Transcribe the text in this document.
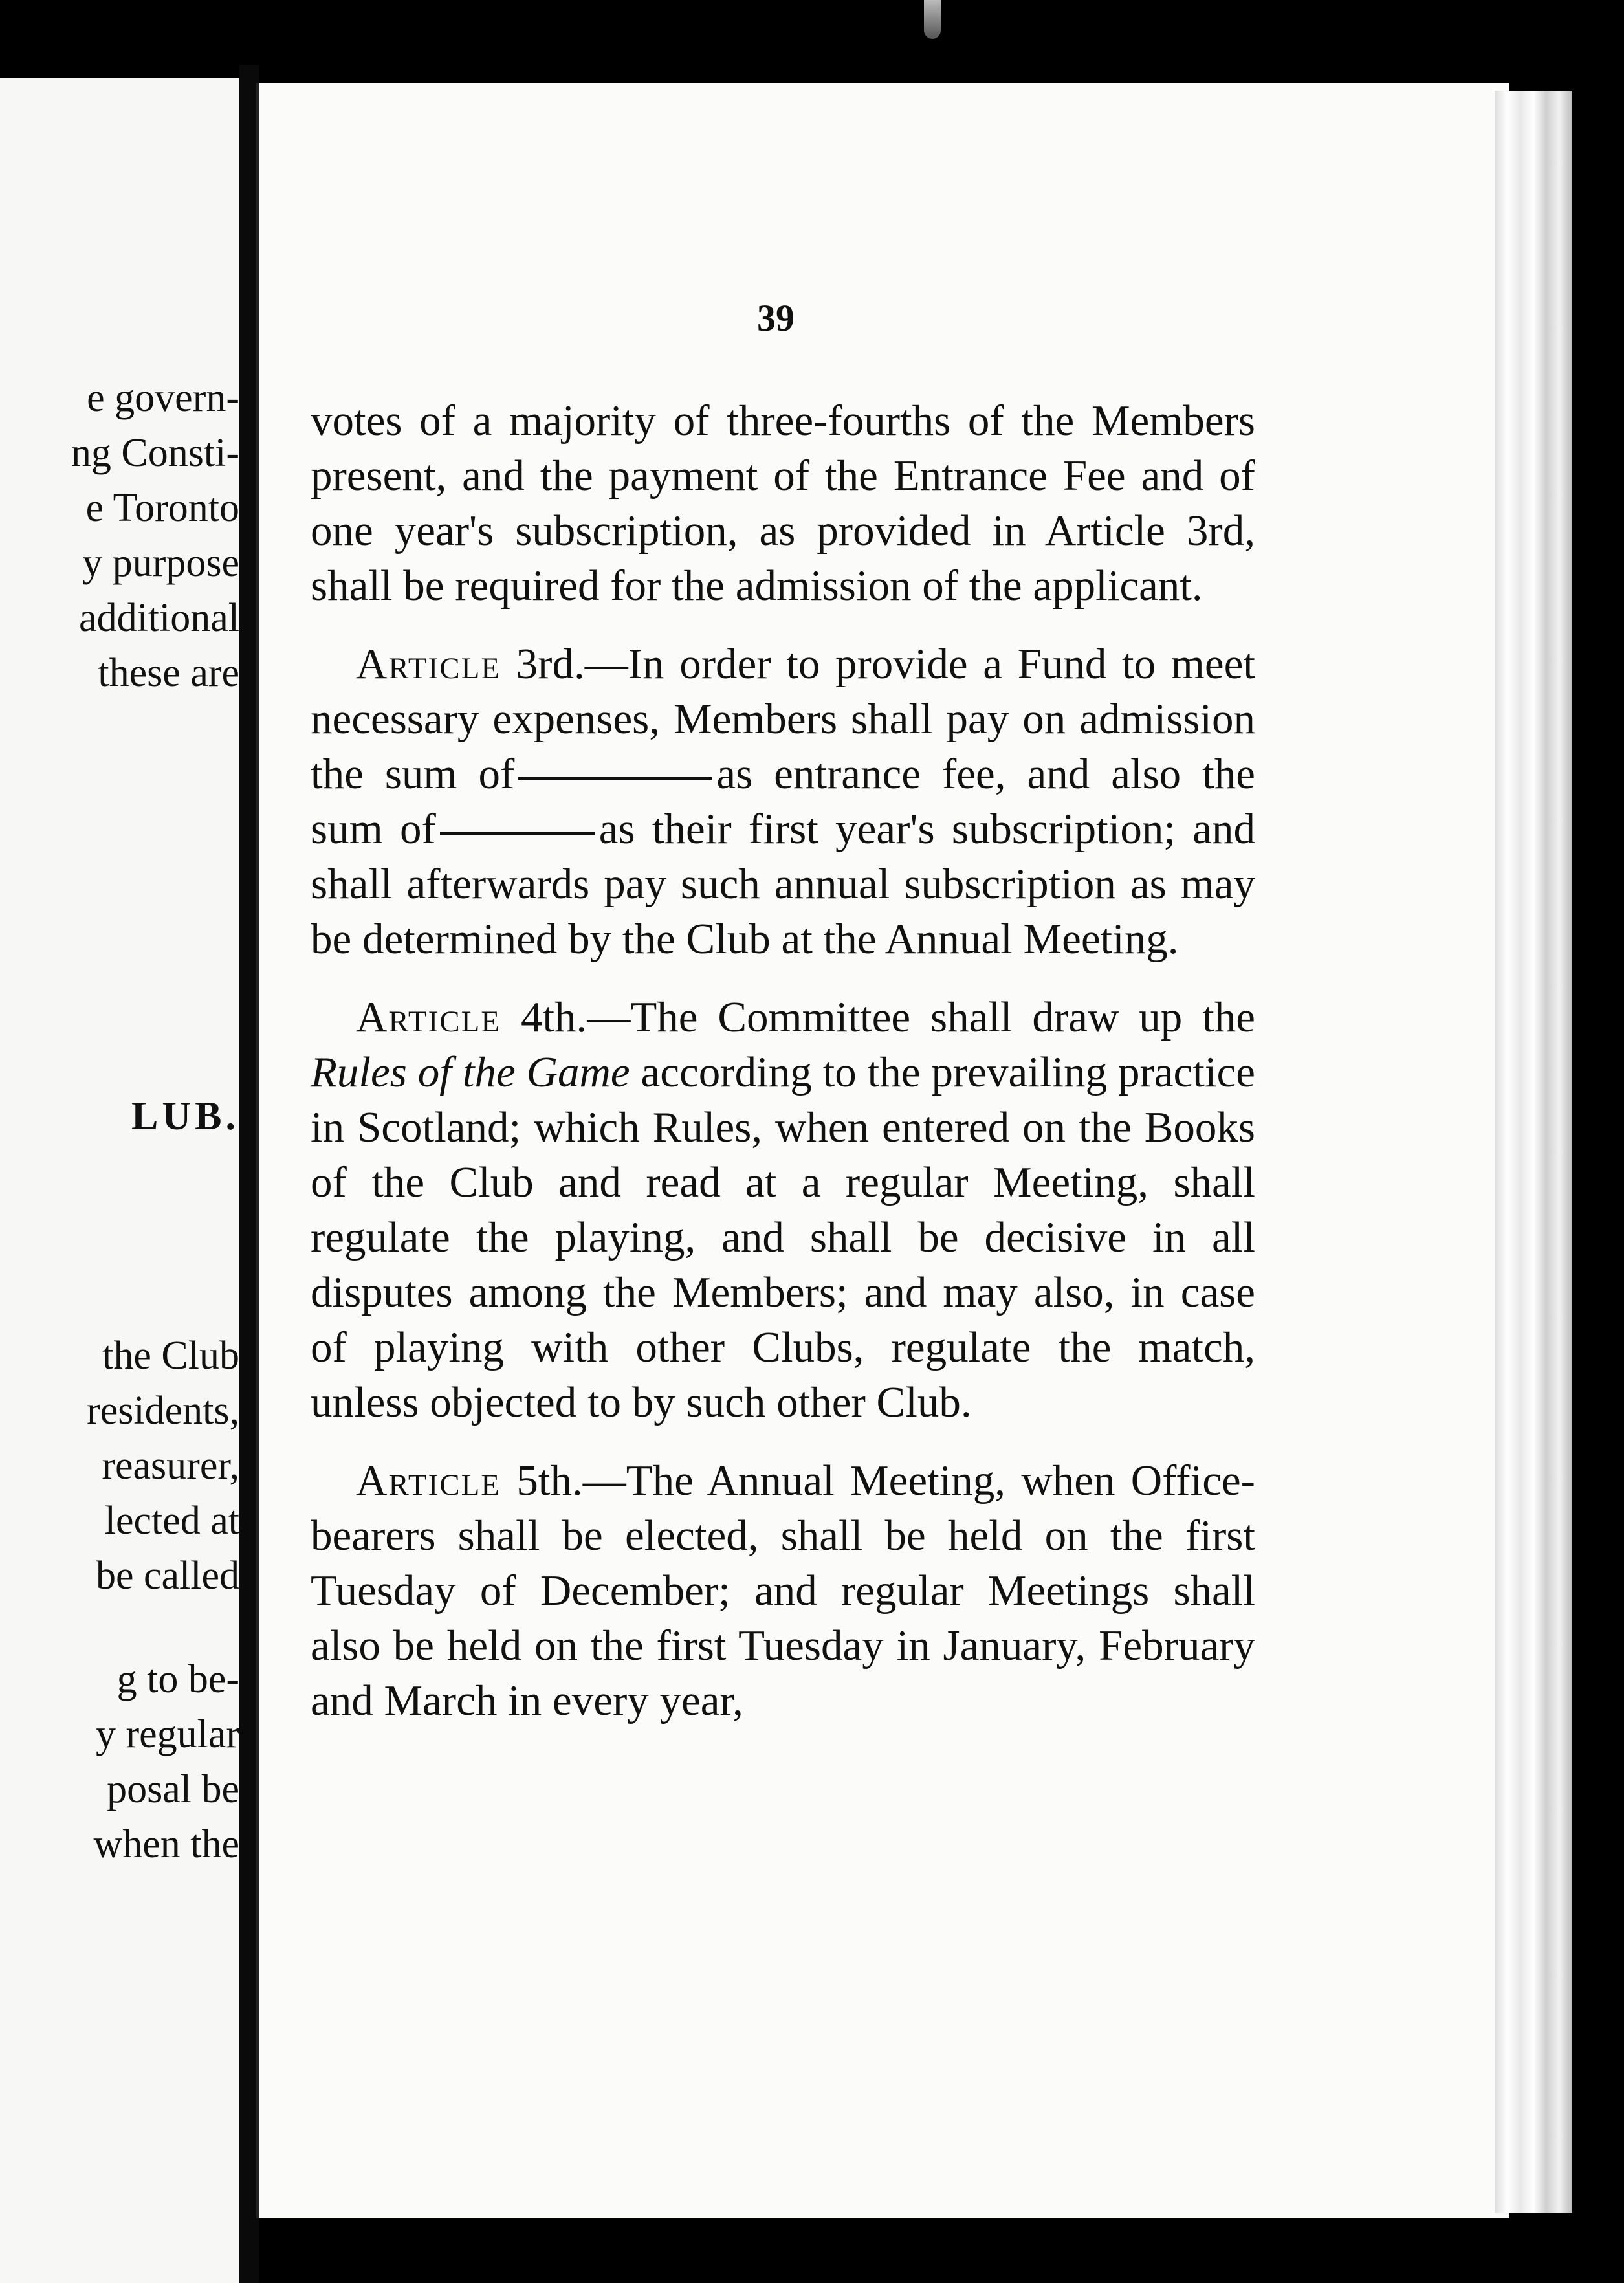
e govern-
ng Consti-
e Toronto
y purpose
additional
these are
LUB.
the Club
residents,
reasurer,
lected at
be called
g to be-
y regular
posal be
when the
39

votes of a majority of three-fourths of the Members present, and the payment of the Entrance Fee and of one year's subscription, as provided in Article 3rd, shall be required for the admission of the applicant.

Article 3rd.—In order to provide a Fund to meet necessary expenses, Members shall pay on admission the sum of	as entrance fee, and also the sum of	as their first year's subscription; and shall afterwards pay such annual subscription as may be determined by the Club at the Annual Meeting.

Article 4th.—The Committee shall draw up the Rules of the Game according to the prevailing practice in Scotland; which Rules, when entered on the Books of the Club and read at a regular Meeting, shall regulate the playing, and shall be decisive in all disputes among the Members; and may also, in case of playing with other Clubs, regulate the match, unless objected to by such other Club.

Article 5th.—The Annual Meeting, when Office-bearers shall be elected, shall be held on the first Tuesday of December; and regular Meetings shall also be held on the first Tuesday in January, February and March in every year,
